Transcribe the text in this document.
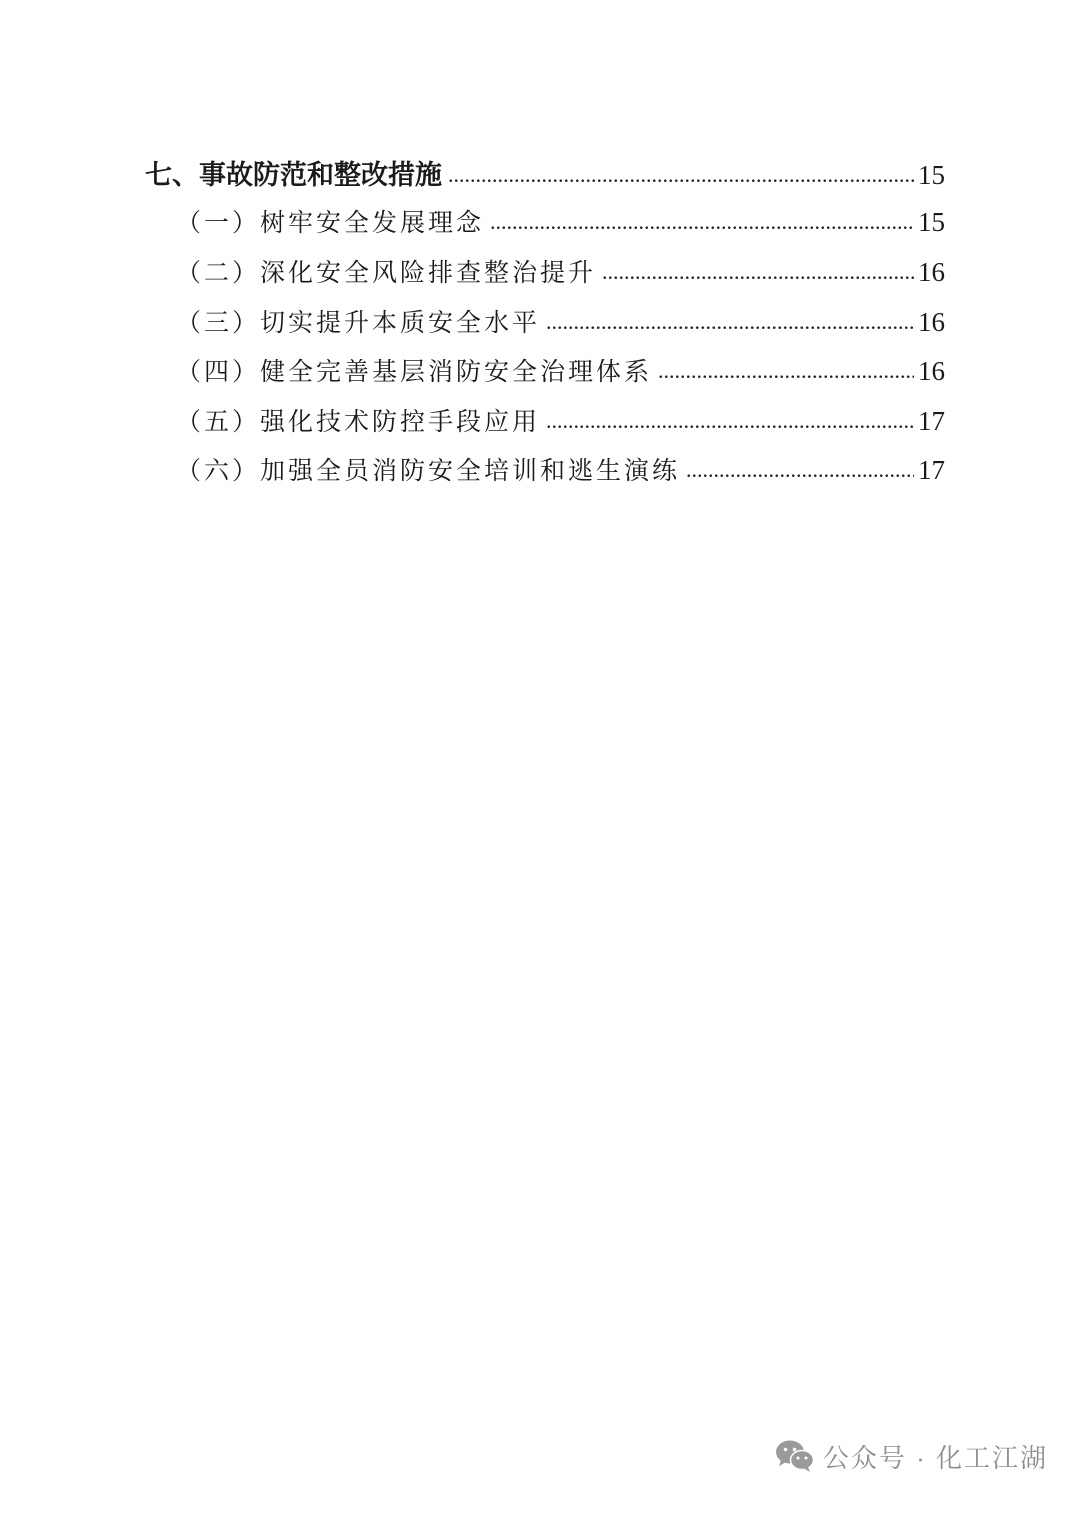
七、事故防范和整改措施 .....	15
（一）树牢安全发展理念 .....	15
（二）深化安全风险排查整治提升 .....	16
（三）切实提升本质安全水平 .....	16
（四）健全完善基层消防安全治理体系 .....	16
（五）强化技术防控手段应用 .....	17
（六）加强全员消防安全培训和逃生演练 .....	17
公众号 · 化工江湖
